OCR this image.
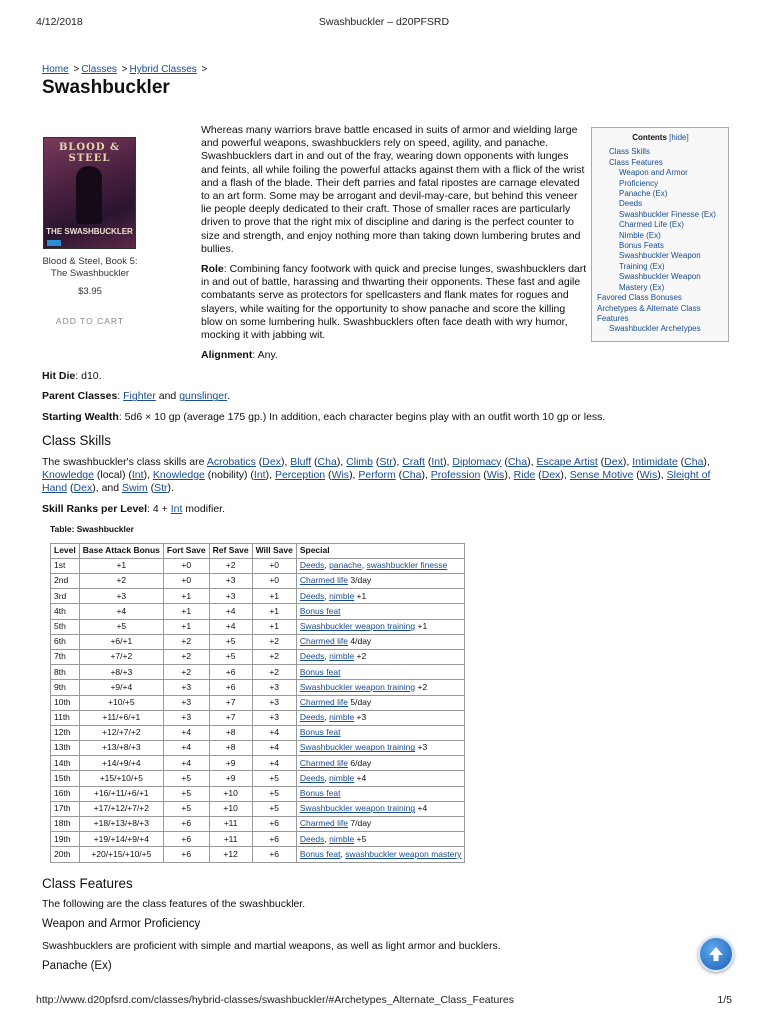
4/12/2018	Swashbuckler – d20PFSRD
Home > Classes > Hybrid Classes >
Swashbuckler
BLOOD & STEEL
THE SWASHBUCKLER
Blood & Steel, Book 5: The Swashbuckler
$3.95
ADD TO CART

Whereas many warriors brave battle encased in suits of armor and wielding large and powerful weapons, swashbucklers rely on speed, agility, and panache. Swashbucklers dart in and out of the fray, wearing down opponents with lunges and feints, all while foiling the powerful attacks against them with a flick of the wrist and a flash of the blade. Their deft parries and fatal ripostes are carnage elevated to an art form. Some may be arrogant and devil-may-care, but behind this veneer lie people deeply dedicated to their craft. Those of smaller races are particularly driven to prove that the right mix of discipline and daring is the perfect counter to size and strength, and enjoy nothing more than taking down lumbering brutes and bullies.

Role: Combining fancy footwork with quick and precise lunges, swashbucklers dart in and out of battle, harassing and thwarting their opponents. These fast and agile combatants serve as protectors for spellcasters and flank mates for rogues and slayers, while waiting for the opportunity to show panache and score the killing blow on some lumbering hulk. Swashbucklers often face death with wry humor, mocking it with jabbing wit.

Alignment: Any.

Contents [hide]
Class Skills
Class Features
Weapon and Armor Proficiency
Panache (Ex)
Deeds
Swashbuckler Finesse (Ex)
Charmed Life (Ex)
Nimble (Ex)
Bonus Feats
Swashbuckler Weapon Training (Ex)
Swashbuckler Weapon Mastery (Ex)
Favored Class Bonuses
Archetypes & Alternate Class Features
Swashbuckler Archetypes

Hit Die: d10.

Parent Classes: Fighter and gunslinger.

Starting Wealth: 5d6 × 10 gp (average 175 gp.) In addition, each character begins play with an outfit worth 10 gp or less.

Class Skills

The swashbuckler's class skills are Acrobatics (Dex), Bluff (Cha), Climb (Str), Craft (Int), Diplomacy (Cha), Escape Artist (Dex), Intimidate (Cha), Knowledge (local) (Int), Knowledge (nobility) (Int), Perception (Wis), Perform (Cha), Profession (Wis), Ride (Dex), Sense Motive (Wis), Sleight of Hand (Dex), and Swim (Str).

Skill Ranks per Level: 4 + Int modifier.

Table: Swashbuckler
Level	Base Attack Bonus	Fort Save	Ref Save	Will Save	Special
1st	+1	+0	+2	+0	Deeds, panache, swashbuckler finesse
2nd	+2	+0	+3	+0	Charmed life 3/day
3rd	+3	+1	+3	+1	Deeds, nimble +1
4th	+4	+1	+4	+1	Bonus feat
5th	+5	+1	+4	+1	Swashbuckler weapon training +1
6th	+6/+1	+2	+5	+2	Charmed life 4/day
7th	+7/+2	+2	+5	+2	Deeds, nimble +2
8th	+8/+3	+2	+6	+2	Bonus feat
9th	+9/+4	+3	+6	+3	Swashbuckler weapon training +2
10th	+10/+5	+3	+7	+3	Charmed life 5/day
11th	+11/+6/+1	+3	+7	+3	Deeds, nimble +3
12th	+12/+7/+2	+4	+8	+4	Bonus feat
13th	+13/+8/+3	+4	+8	+4	Swashbuckler weapon training +3
14th	+14/+9/+4	+4	+9	+4	Charmed life 6/day
15th	+15/+10/+5	+5	+9	+5	Deeds, nimble +4
16th	+16/+11/+6/+1	+5	+10	+5	Bonus feat
17th	+17/+12/+7/+2	+5	+10	+5	Swashbuckler weapon training +4
18th	+18/+13/+8/+3	+6	+11	+6	Charmed life 7/day
19th	+19/+14/+9/+4	+6	+11	+6	Deeds, nimble +5
20th	+20/+15/+10/+5	+6	+12	+6	Bonus feat, swashbuckler weapon mastery
Class Features

The following are the class features of the swashbuckler.

Weapon and Armor Proficiency

Swashbucklers are proficient with simple and martial weapons, as well as light armor and bucklers.

Panache (Ex)
http://www.d20pfsrd.com/classes/hybrid-classes/swashbuckler/#Archetypes_Alternate_Class_Features	1/5
